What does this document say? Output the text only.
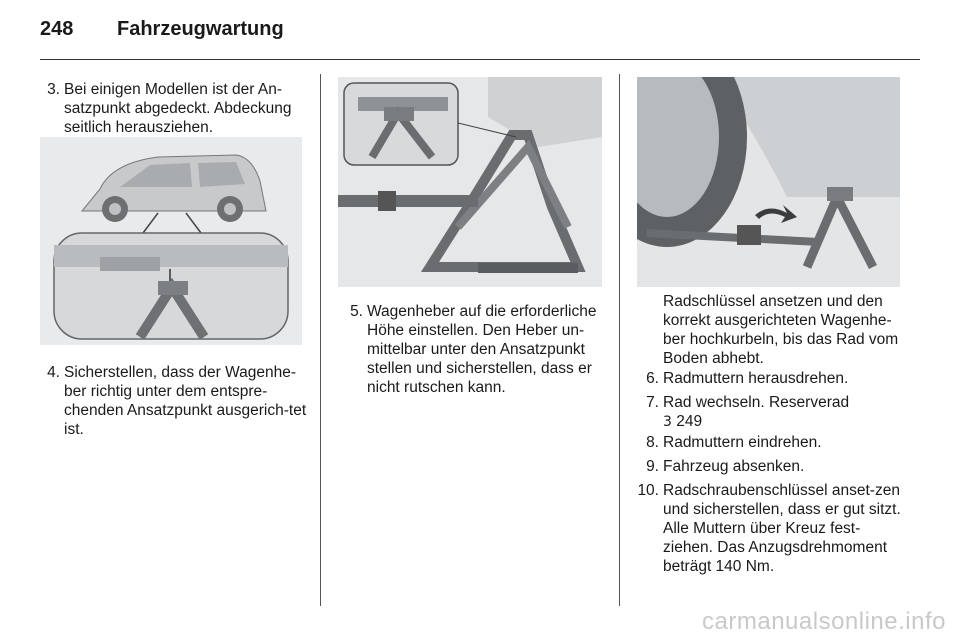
248 Fahrzeugwartung
3. Bei einigen Modellen ist der An-satzpunkt abgedeckt. Abdeckung seitlich herausziehen.

4. Sicherstellen, dass der Wagenhe-ber richtig unter dem entspre-chenden Ansatzpunkt ausgerich-tet ist.

5. Wagenheber auf die erforderliche Höhe einstellen. Den Heber un-mittelbar unter den Ansatzpunkt stellen und sicherstellen, dass er nicht rutschen kann.

Radschlüssel ansetzen und den korrekt ausgerichteten Wagenhe-ber hochkurbeln, bis das Rad vom Boden abhebt.

6. Radmuttern herausdrehen.

7. Rad wechseln. Reserverad
3 249

8. Radmuttern eindrehen.

9. Fahrzeug absenken.

10. Radschraubenschlüssel anset-zen und sicherstellen, dass er gut sitzt. Alle Muttern über Kreuz fest-ziehen. Das Anzugsdrehmoment beträgt 140 Nm.

carmanualsonline.info
